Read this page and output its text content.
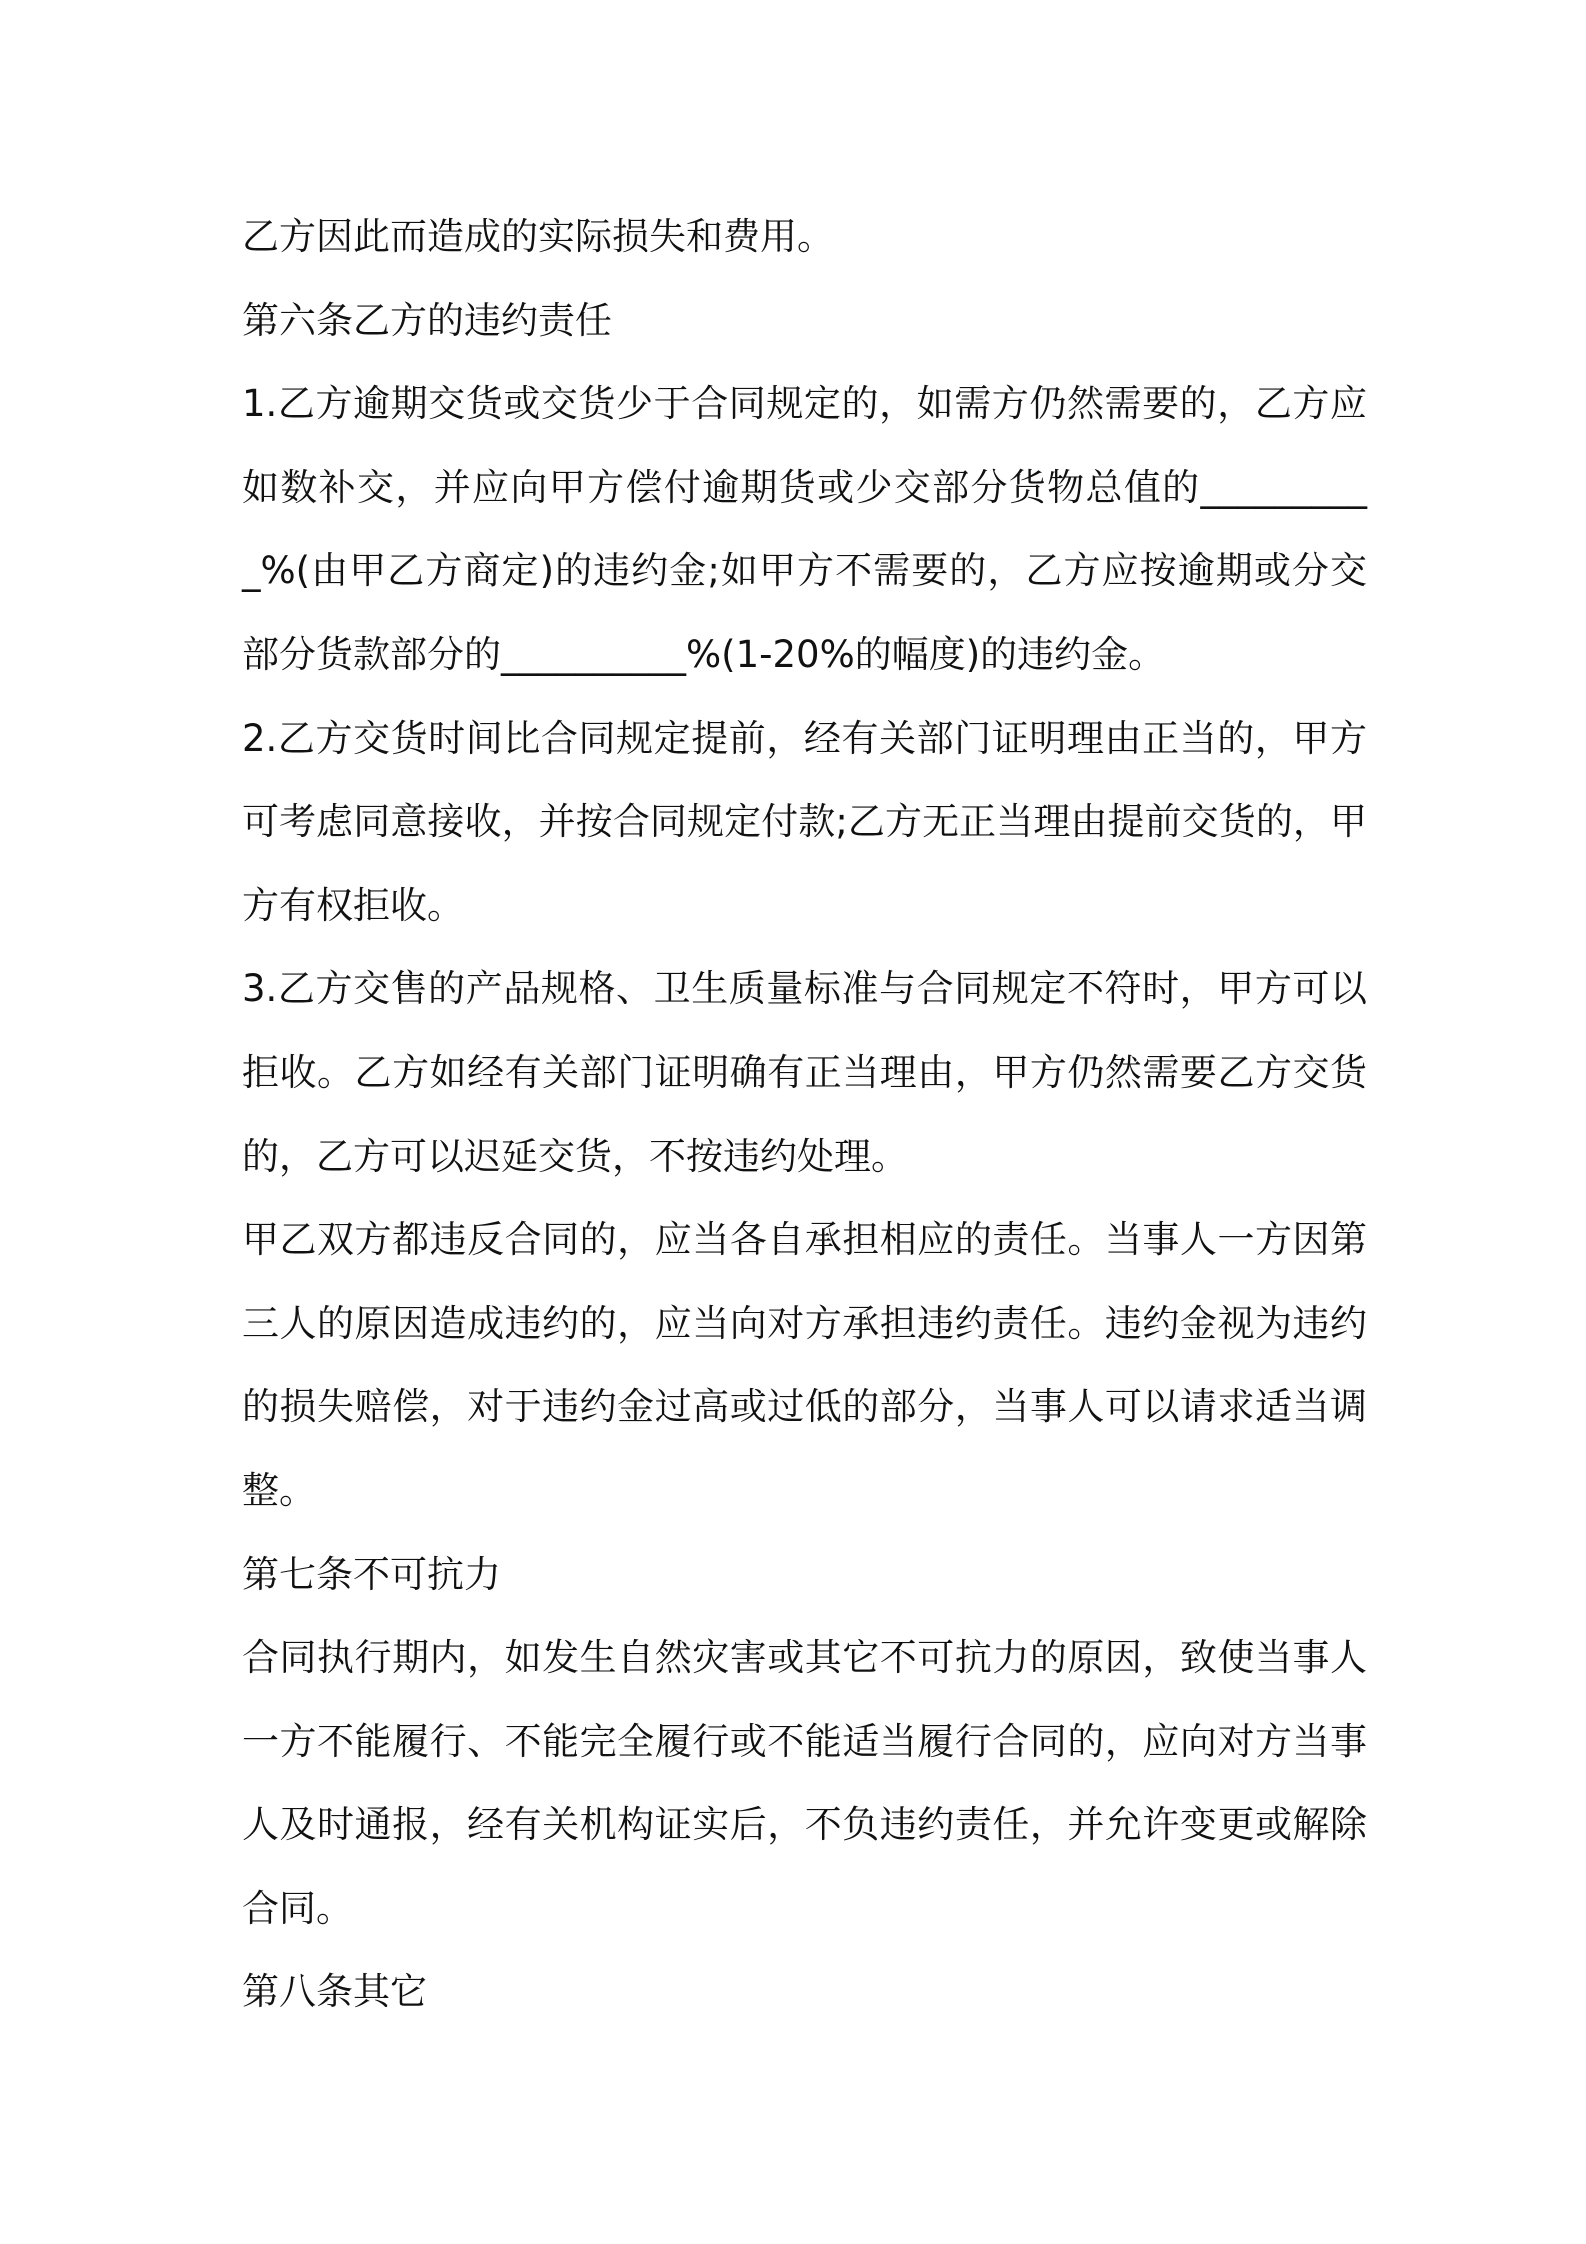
乙方因此而造成的实际损失和费用。

第六条乙方的违约责任

1.乙方逾期交货或交货少于合同规定的，如需方仍然需要的，乙方应如数补交，并应向甲方偿付逾期货或少交部分货物总值的__________%(由甲乙方商定)的违约金;如甲方不需要的，乙方应按逾期或分交部分货款部分的__________%(1-20%的幅度)的违约金。

2.乙方交货时间比合同规定提前，经有关部门证明理由正当的，甲方可考虑同意接收，并按合同规定付款;乙方无正当理由提前交货的，甲方有权拒收。

3.乙方交售的产品规格、卫生质量标准与合同规定不符时，甲方可以拒收。乙方如经有关部门证明确有正当理由，甲方仍然需要乙方交货的，乙方可以迟延交货，不按违约处理。

甲乙双方都违反合同的，应当各自承担相应的责任。当事人一方因第三人的原因造成违约的，应当向对方承担违约责任。违约金视为违约的损失赔偿，对于违约金过高或过低的部分，当事人可以请求适当调整。

第七条不可抗力

合同执行期内，如发生自然灾害或其它不可抗力的原因，致使当事人一方不能履行、不能完全履行或不能适当履行合同的，应向对方当事人及时通报，经有关机构证实后，不负违约责任，并允许变更或解除合同。

第八条其它
